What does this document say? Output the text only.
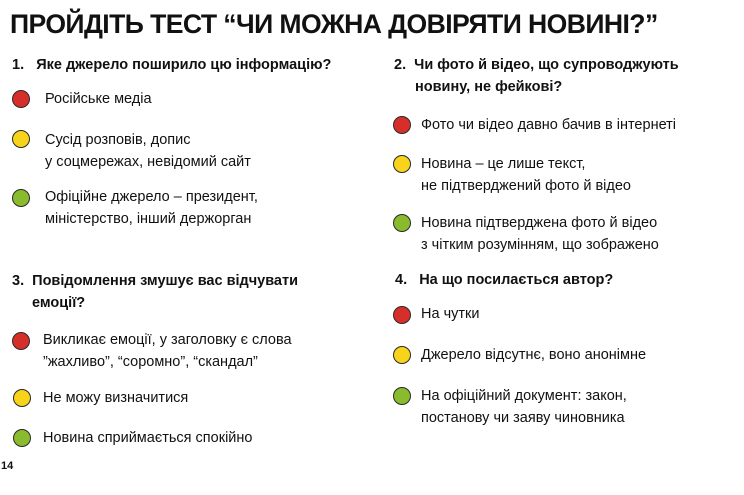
ПРОЙДІТЬ ТЕСТ “ЧИ МОЖНА ДОВІРЯТИ НОВИНІ?”
1. Яке джерело поширило цю інформацію?
Російське медіа
Сусід розповів, допис
у соцмережах, невідомий сайт
Офіційне джерело – президент,
міністерство, інший держорган
2. Чи фото й відео, що супроводжують
новину, не фейкові?
Фото чи відео давно бачив в інтернеті
Новина – це лише текст,
не підтверджений фото й відео
Новина підтверджена фото й відео
з чітким розумінням, що зображено
3. Повідомлення змушує вас відчувати
емоції?
Викликає емоції, у заголовку є слова
”жахливо”, “соромно”, “скандал”
Не можу визначитися
Новина сприймається спокійно
4. На що посилається автор?
На чутки
Джерело відсутнє, воно анонімне
На офіційний документ: закон,
постанову чи заяву чиновника
14
